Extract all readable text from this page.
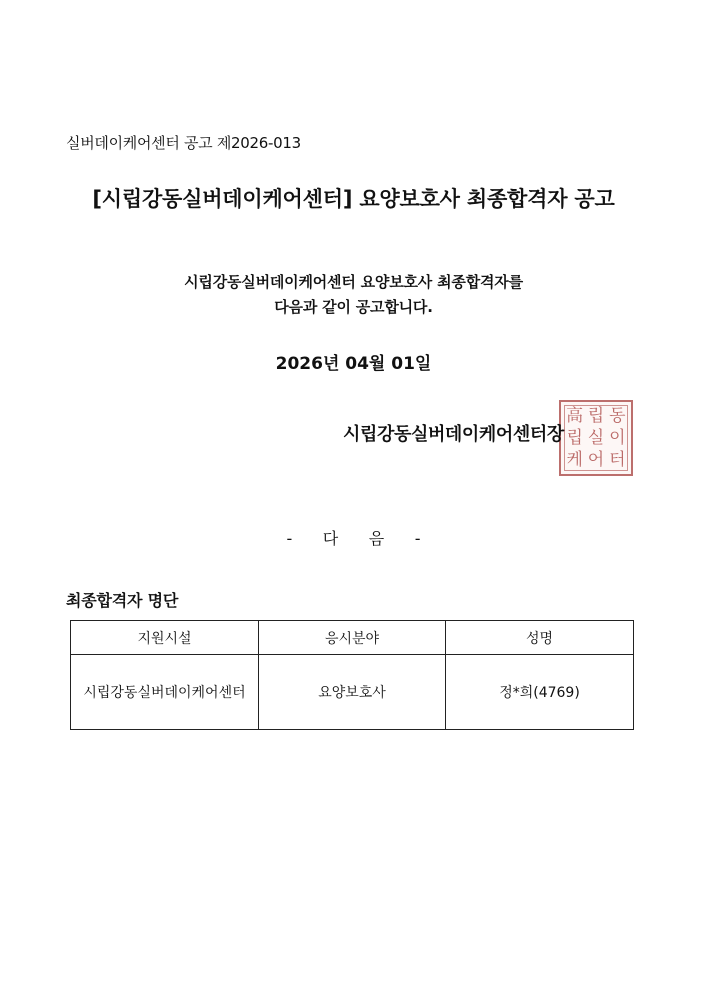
실버데이케어센터 공고 제2026-013
[시립강동실버데이케어센터] 요양보호사 최종합격자 공고
시립강동실버데이케어센터 요양보호사 최종합격자를
다음과 같이 공고합니다.
2026년 04월 01일
高 립 동
립 실 이
케 어 터
시립강동실버데이케어센터장
-      다      음      -
최종합격자 명단
지원시설	응시분야	성명
시립강동실버데이케어센터	요양보호사	정*희(4769)
